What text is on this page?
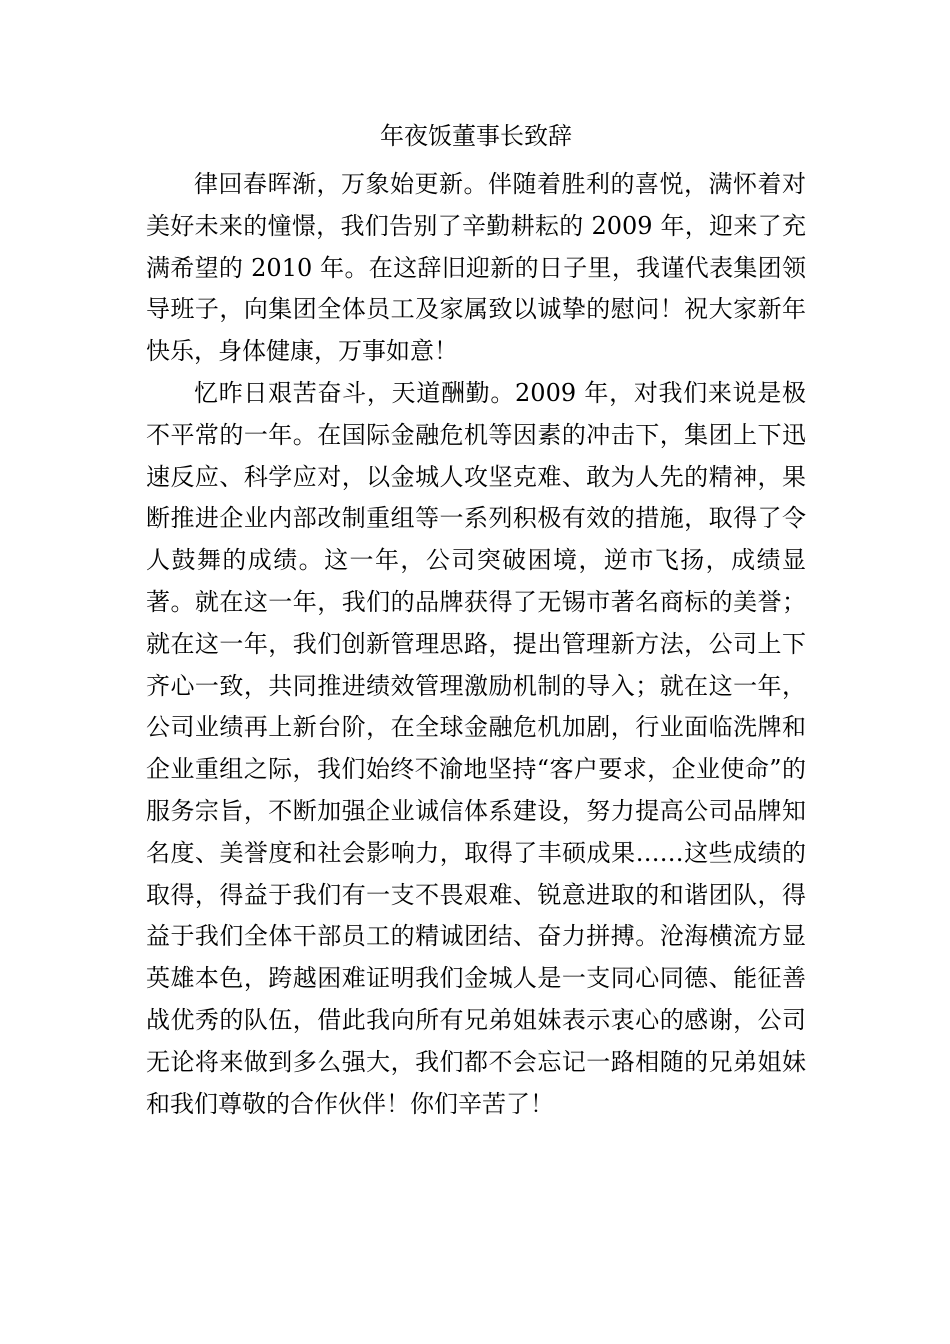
年夜饭董事长致辞

律回春晖渐，万象始更新。伴随着胜利的喜悦，满怀着对美好未来的憧憬，我们告别了辛勤耕耘的 2009 年，迎来了充满希望的 2010 年。在这辞旧迎新的日子里，我谨代表集团领导班子，向集团全体员工及家属致以诚挚的慰问！祝大家新年快乐，身体健康，万事如意！

忆昨日艰苦奋斗，天道酬勤。2009 年，对我们来说是极不平常的一年。在国际金融危机等因素的冲击下，集团上下迅速反应、科学应对，以金城人攻坚克难、敢为人先的精神，果断推进企业内部改制重组等一系列积极有效的措施，取得了令人鼓舞的成绩。这一年，公司突破困境，逆市飞扬，成绩显著。就在这一年，我们的品牌获得了无锡市著名商标的美誉；就在这一年，我们创新管理思路，提出管理新方法，公司上下齐心一致，共同推进绩效管理激励机制的导入；就在这一年，公司业绩再上新台阶，在全球金融危机加剧，行业面临洗牌和企业重组之际，我们始终不渝地坚持“客户要求，企业使命”的服务宗旨，不断加强企业诚信体系建设，努力提高公司品牌知名度、美誉度和社会影响力，取得了丰硕成果……这些成绩的取得，得益于我们有一支不畏艰难、锐意进取的和谐团队，得益于我们全体干部员工的精诚团结、奋力拼搏。沧海横流方显英雄本色，跨越困难证明我们金城人是一支同心同德、能征善战优秀的队伍，借此我向所有兄弟姐妹表示衷心的感谢，公司无论将来做到多么强大，我们都不会忘记一路相随的兄弟姐妹和我们尊敬的合作伙伴！你们辛苦了！
